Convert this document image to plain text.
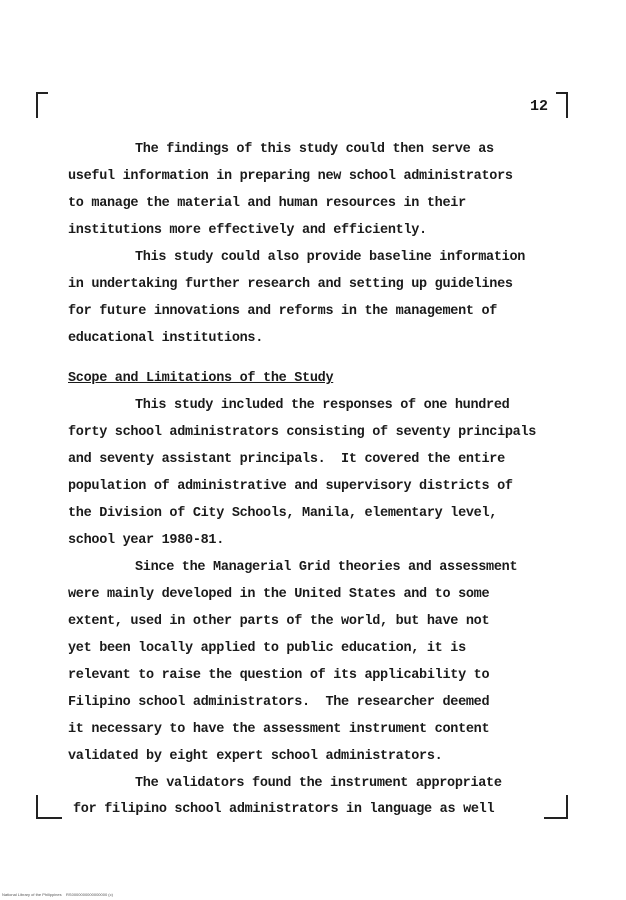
12
The findings of this study could then serve as
useful information in preparing new school administrators
to manage the material and human resources in their
institutions more effectively and efficiently.
This study could also provide baseline information
in undertaking further research and setting up guidelines
for future innovations and reforms in the management of
educational institutions.
Scope and Limitations of the Study
This study included the responses of one hundred
forty school administrators consisting of seventy principals
and seventy assistant principals.  It covered the entire
population of administrative and supervisory districts of
the Division of City Schools, Manila, elementary level,
school year 1980-81.
Since the Managerial Grid theories and assessment
were mainly developed in the United States and to some
extent, used in other parts of the world, but have not
yet been locally applied to public education, it is
relevant to raise the question of its applicability to
Filipino school administrators.  The researcher deemed
it necessary to have the assessment instrument content
validated by eight expert school administrators.
The validators found the instrument appropriate
for filipino school administrators in language as well
National Library of the Philippines    RS0000000000000000 (c)
